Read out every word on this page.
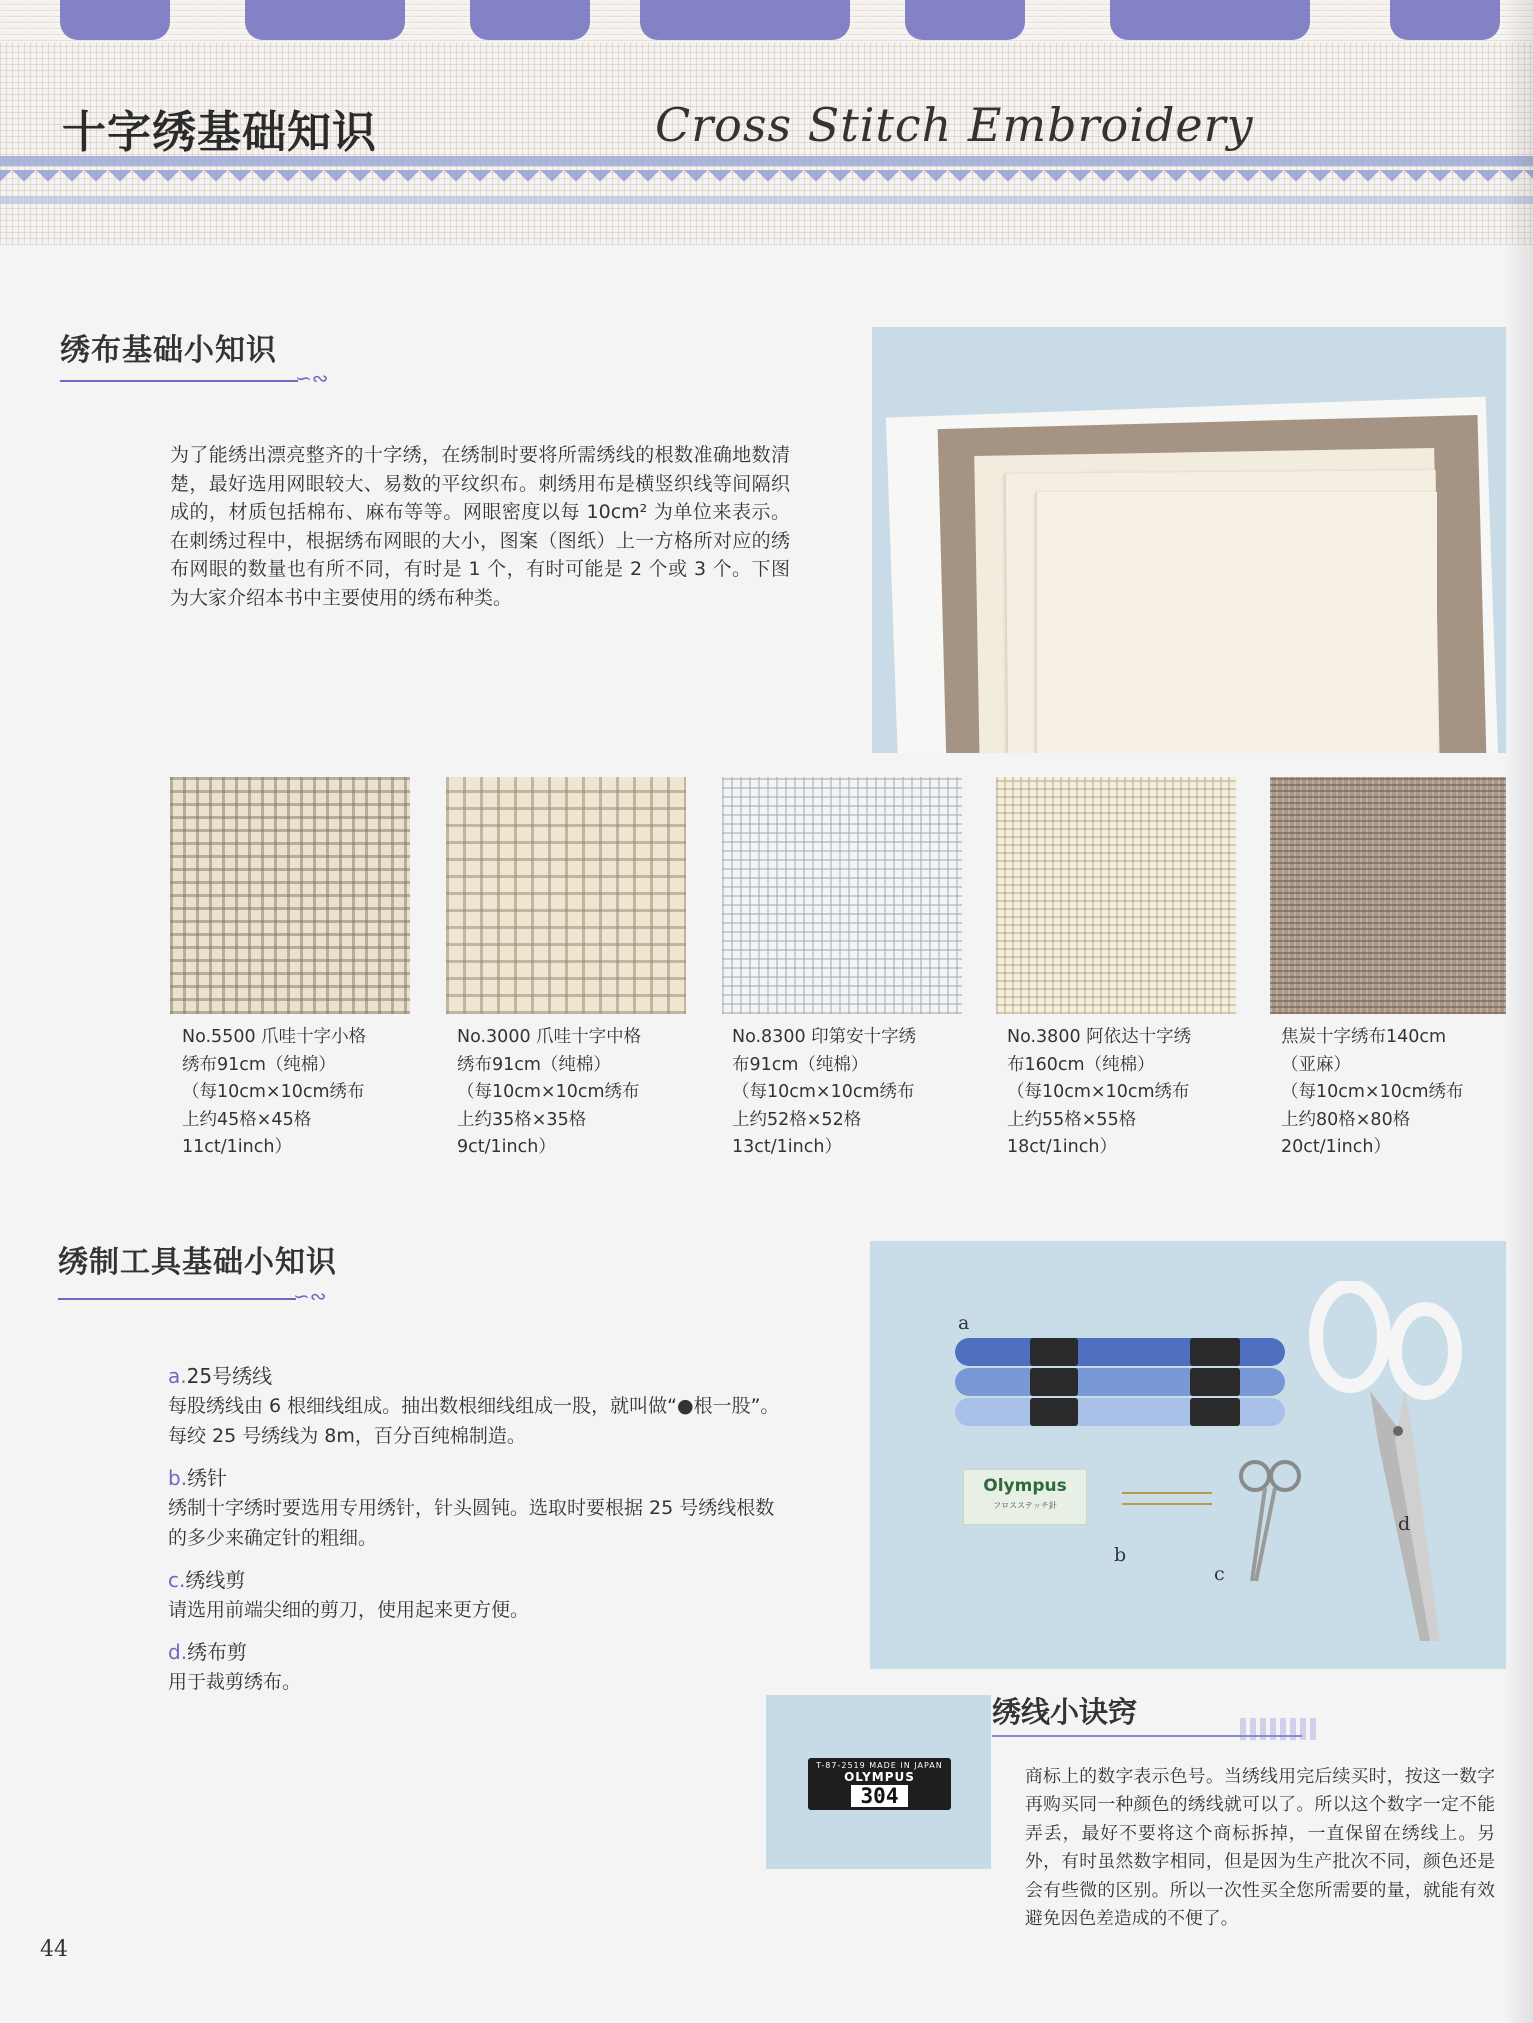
十字绣基础知识	Cross Stitch Embroidery
绣布基础小知识
∽∾
为了能绣出漂亮整齐的十字绣，在绣制时要将所需绣线的根数准确地数清楚，最好选用网眼较大、易数的平纹织布。刺绣用布是横竖织线等间隔织成的，材质包括棉布、麻布等等。网眼密度以每 10cm² 为单位来表示。在刺绣过程中，根据绣布网眼的大小，图案（图纸）上一方格所对应的绣布网眼的数量也有所不同，有时是 1 个，有时可能是 2 个或 3 个。下图为大家介绍本书中主要使用的绣布种类。
No.5500 爪哇十字小格
绣布91cm（纯棉）
（每10cm×10cm绣布
上约45格×45格
11ct/1inch）
No.3000 爪哇十字中格
绣布91cm（纯棉）
（每10cm×10cm绣布
上约35格×35格
9ct/1inch）
No.8300 印第安十字绣
布91cm（纯棉）
（每10cm×10cm绣布
上约52格×52格
13ct/1inch）
No.3800 阿依达十字绣
布160cm（纯棉）
（每10cm×10cm绣布
上约55格×55格
18ct/1inch）
焦炭十字绣布140cm
（亚麻）
（每10cm×10cm绣布
上约80格×80格
20ct/1inch）
绣制工具基础小知识
∽∾
a.25号绣线
每股绣线由 6 根细线组成。抽出数根细线组成一股，就叫做“●根一股”。每绞 25 号绣线为 8m，百分百纯棉制造。
b.绣针
绣制十字绣时要选用专用绣针，针头圆钝。选取时要根据 25 号绣线根数的多少来确定针的粗细。
c.绣线剪
请选用前端尖细的剪刀，使用起来更方便。
d.绣布剪
用于裁剪绣布。
a
Olympus
フロスステッチ針
b
c
d
T-87-2519 MADE IN JAPAN
OLYMPUS
304
绣线小诀窍
商标上的数字表示色号。当绣线用完后续买时，按这一数字再购买同一种颜色的绣线就可以了。所以这个数字一定不能弄丢，最好不要将这个商标拆掉，一直保留在绣线上。另外，有时虽然数字相同，但是因为生产批次不同，颜色还是会有些微的区别。所以一次性买全您所需要的量，就能有效避免因色差造成的不便了。
44
